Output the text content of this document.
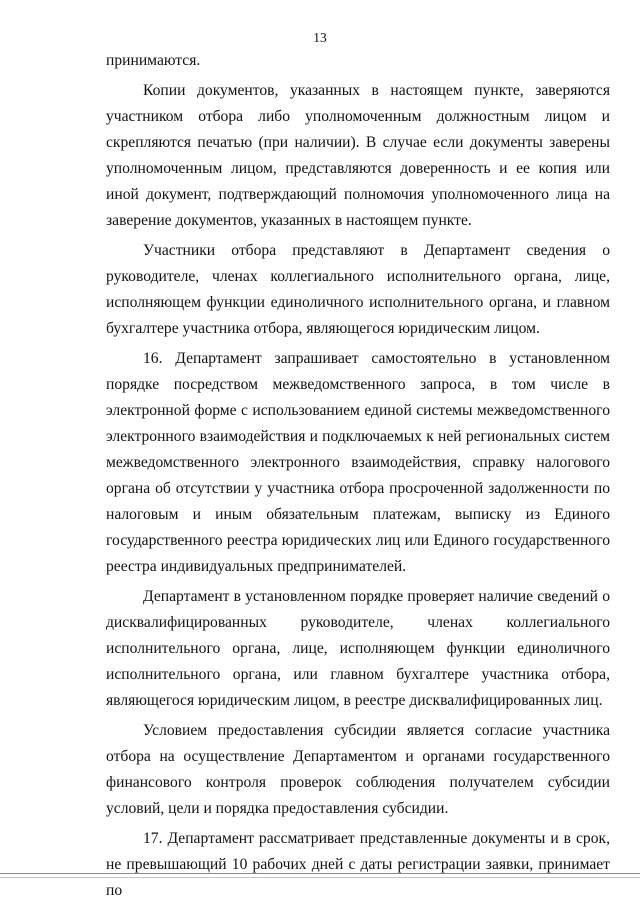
13

принимаются.

Копии документов, указанных в настоящем пункте, заверяются участником отбора либо уполномоченным должностным лицом и скрепляются печатью (при наличии). В случае если документы заверены уполномоченным лицом, представляются доверенность и ее копия или иной документ, подтверждающий полномочия уполномоченного лица на заверение документов, указанных в настоящем пункте.

Участники отбора представляют в Департамент сведения о руководителе, членах коллегиального исполнительного органа, лице, исполняющем функции единоличного исполнительного органа, и главном бухгалтере участника отбора, являющегося юридическим лицом.

16. Департамент запрашивает самостоятельно в установленном порядке посредством межведомственного запроса, в том числе в электронной форме с использованием единой системы межведомственного электронного взаимодействия и подключаемых к ней региональных систем межведомственного электронного взаимодействия, справку налогового органа об отсутствии у участника отбора просроченной задолженности по налоговым и иным обязательным платежам, выписку из Единого государственного реестра юридических лиц или Единого государственного реестра индивидуальных предпринимателей.

Департамент в установленном порядке проверяет наличие сведений о дисквалифицированных руководителе, членах коллегиального исполнительного органа, лице, исполняющем функции единоличного исполнительного органа, или главном бухгалтере участника отбора, являющегося юридическим лицом, в реестре дисквалифицированных лиц.

Условием предоставления субсидии является согласие участника отбора на осуществление Департаментом и органами государственного финансового контроля проверок соблюдения получателем субсидии условий, цели и порядка предоставления субсидии.

17. Департамент рассматривает представленные документы и в срок, не превышающий 10 рабочих дней с даты регистрации заявки, принимает по
